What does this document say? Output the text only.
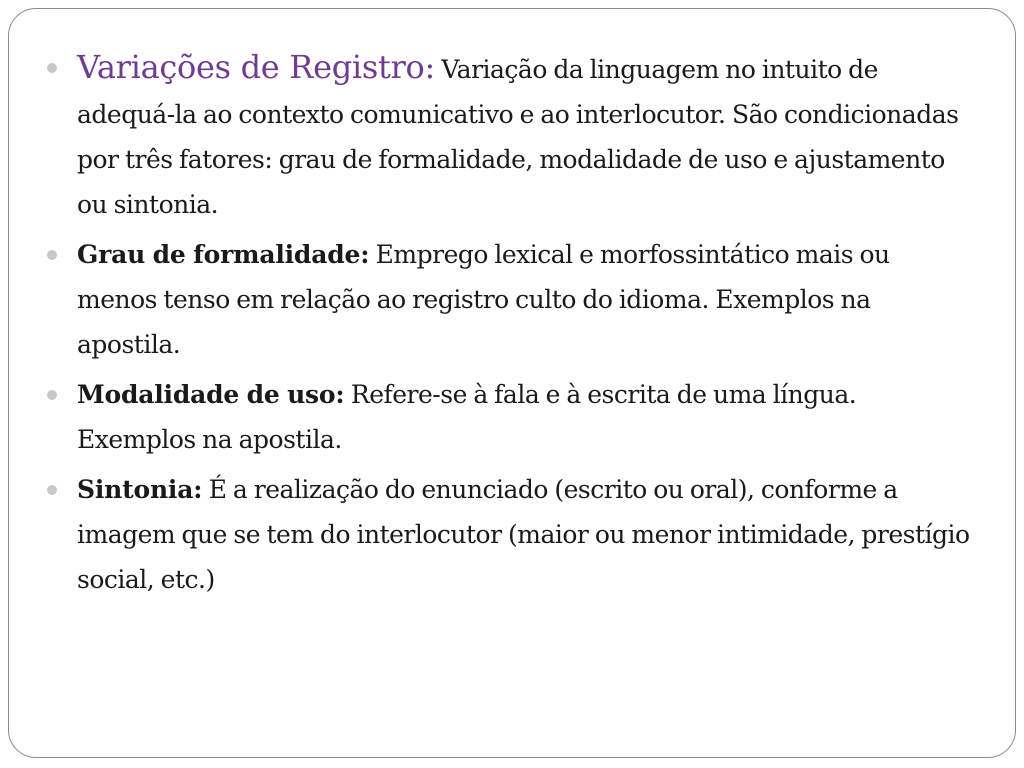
Variações de Registro: Variação da linguagem no intuito de adequá-la ao contexto comunicativo e ao interlocutor. São condicionadas por três fatores: grau de formalidade, modalidade de uso e ajustamento ou sintonia.
Grau de formalidade: Emprego lexical e morfossintático mais ou menos tenso em relação ao registro culto do idioma. Exemplos na apostila.
Modalidade de uso: Refere-se à fala e à escrita de uma língua. Exemplos na apostila.
Sintonia: É a realização do enunciado (escrito ou oral), conforme a imagem que se tem do interlocutor (maior ou menor intimidade, prestígio social, etc.)
